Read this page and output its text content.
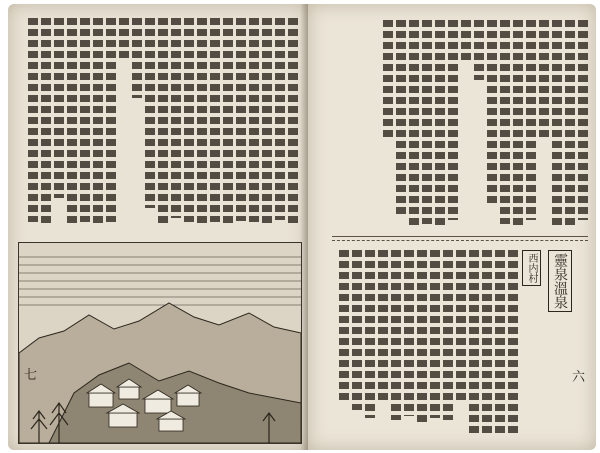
七
靈泉溫泉
西内村
六
